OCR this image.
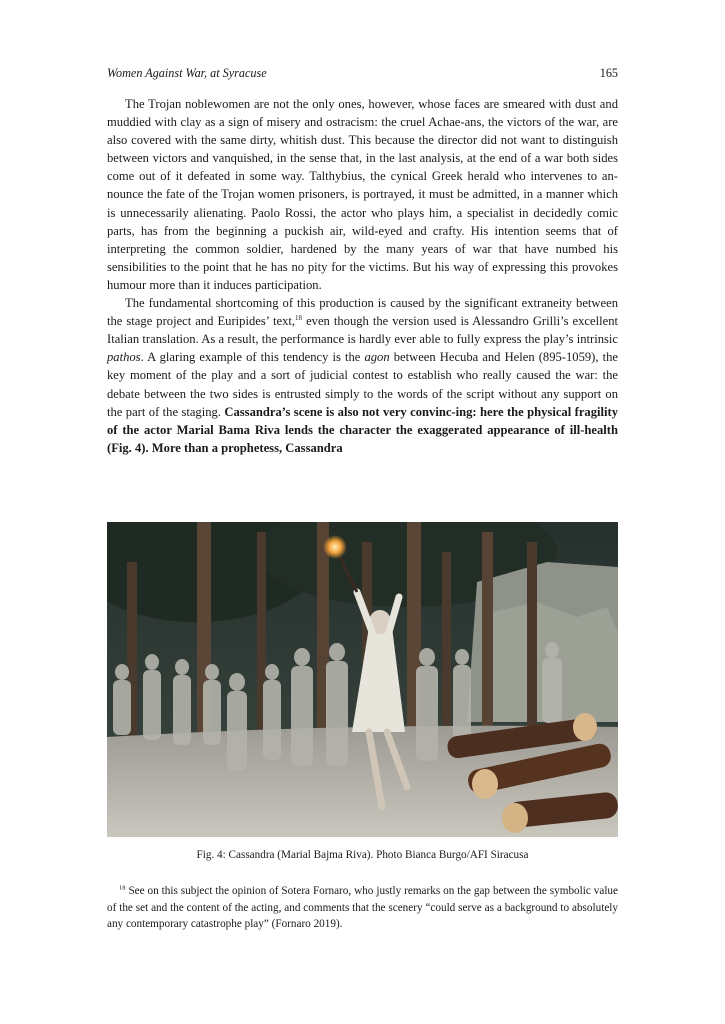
Women Against War, at Syracuse	165

The Trojan noblewomen are not the only ones, however, whose faces are smeared with dust and muddied with clay as a sign of misery and ostracism: the cruel Achae-ans, the victors of the war, are also covered with the same dirty, whitish dust. This because the director did not want to distinguish between victors and vanquished, in the sense that, in the last analysis, at the end of a war both sides come out of it defeated in some way. Talthybius, the cynical Greek herald who intervenes to an-nounce the fate of the Trojan women prisoners, is portrayed, it must be admitted, in a manner which is unnecessarily alienating. Paolo Rossi, the actor who plays him, a specialist in decidedly comic parts, has from the beginning a puckish air, wild-eyed and crafty. His intention seems that of interpreting the common soldier, hardened by the many years of war that have numbed his sensibilities to the point that he has no pity for the victims. But his way of expressing this provokes humour more than it induces participation.

The fundamental shortcoming of this production is caused by the significant extraneity between the stage project and Euripides’ text,$^{18}$ even though the version used is Alessandro Grilli’s excellent Italian translation. As a result, the performance is hardly ever able to fully express the play’s intrinsic pathos. A glaring example of this tendency is the agon between Hecuba and Helen (895-1059), the key moment of the play and a sort of judicial contest to establish who really caused the war: the debate between the two sides is entrusted simply to the words of the script without any support on the part of the staging. Cassandra’s scene is also not very convinc-ing: here the physical fragility of the actor Marial Bama Riva lends the character the exaggerated appearance of ill-health (Fig. 4). More than a prophetess, Cassandra

Fig. 4: Cassandra (Marial Bajma Riva). Photo Bianca Burgo/AFI Siracusa

$^{18}$ See on this subject the opinion of Sotera Fornaro, who justly remarks on the gap between the symbolic value of the set and the content of the acting, and comments that the scenery “could serve as a background to absolutely any contemporary catastrophe play” (Fornaro 2019).
